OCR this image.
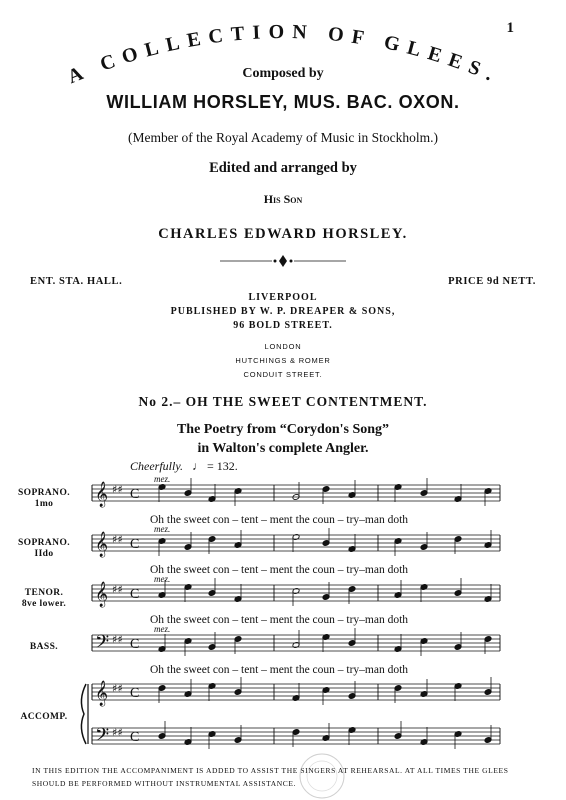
1
A COLLECTION OF GLEES.
Composed by
WILLIAM HORSLEY, MUS. BAC. OXON.
(Member of the Royal Academy of Music in Stockholm.)
Edited and arranged by
His Son
CHARLES EDWARD HORSLEY.
ENT. STA. HALL.	PRICE 9d NETT.
LIVERPOOL
PUBLISHED BY W. P. DREAPER & SONS,
96 BOLD STREET.
LONDON
HUTCHINGS & ROMER
CONDUIT STREET.
No 2.– OH THE SWEET CONTENTMENT.
The Poetry from “Corydon's Song”
in Walton's complete Angler.
Cheerfully. ♩ = 132.
SOPRANO.
1mo
SOPRANO.
IIdo
TENOR.
8ve lower.
BASS.
ACCOMP.
Oh the sweet con – tent – ment the coun – try–man doth
Oh the sweet con – tent – ment the coun – try–man doth
Oh the sweet con – tent – ment the coun – try–man doth
Oh the sweet con – tent – ment the coun – try–man doth
𝄞 ♯♯ C
mez.
𝄞 ♯♯ C
mez.
𝄞 ♯♯ C
mez.
𝄢 ♯♯ C
mez.
𝄞 ♯♯ C
𝄢 ♯♯ C
IN THIS EDITION THE ACCOMPANIMENT IS ADDED TO ASSIST THE SINGERS AT REHEARSAL. AT ALL TIMES THE GLEES
SHOULD BE PERFORMED WITHOUT INSTRUMENTAL ASSISTANCE.
